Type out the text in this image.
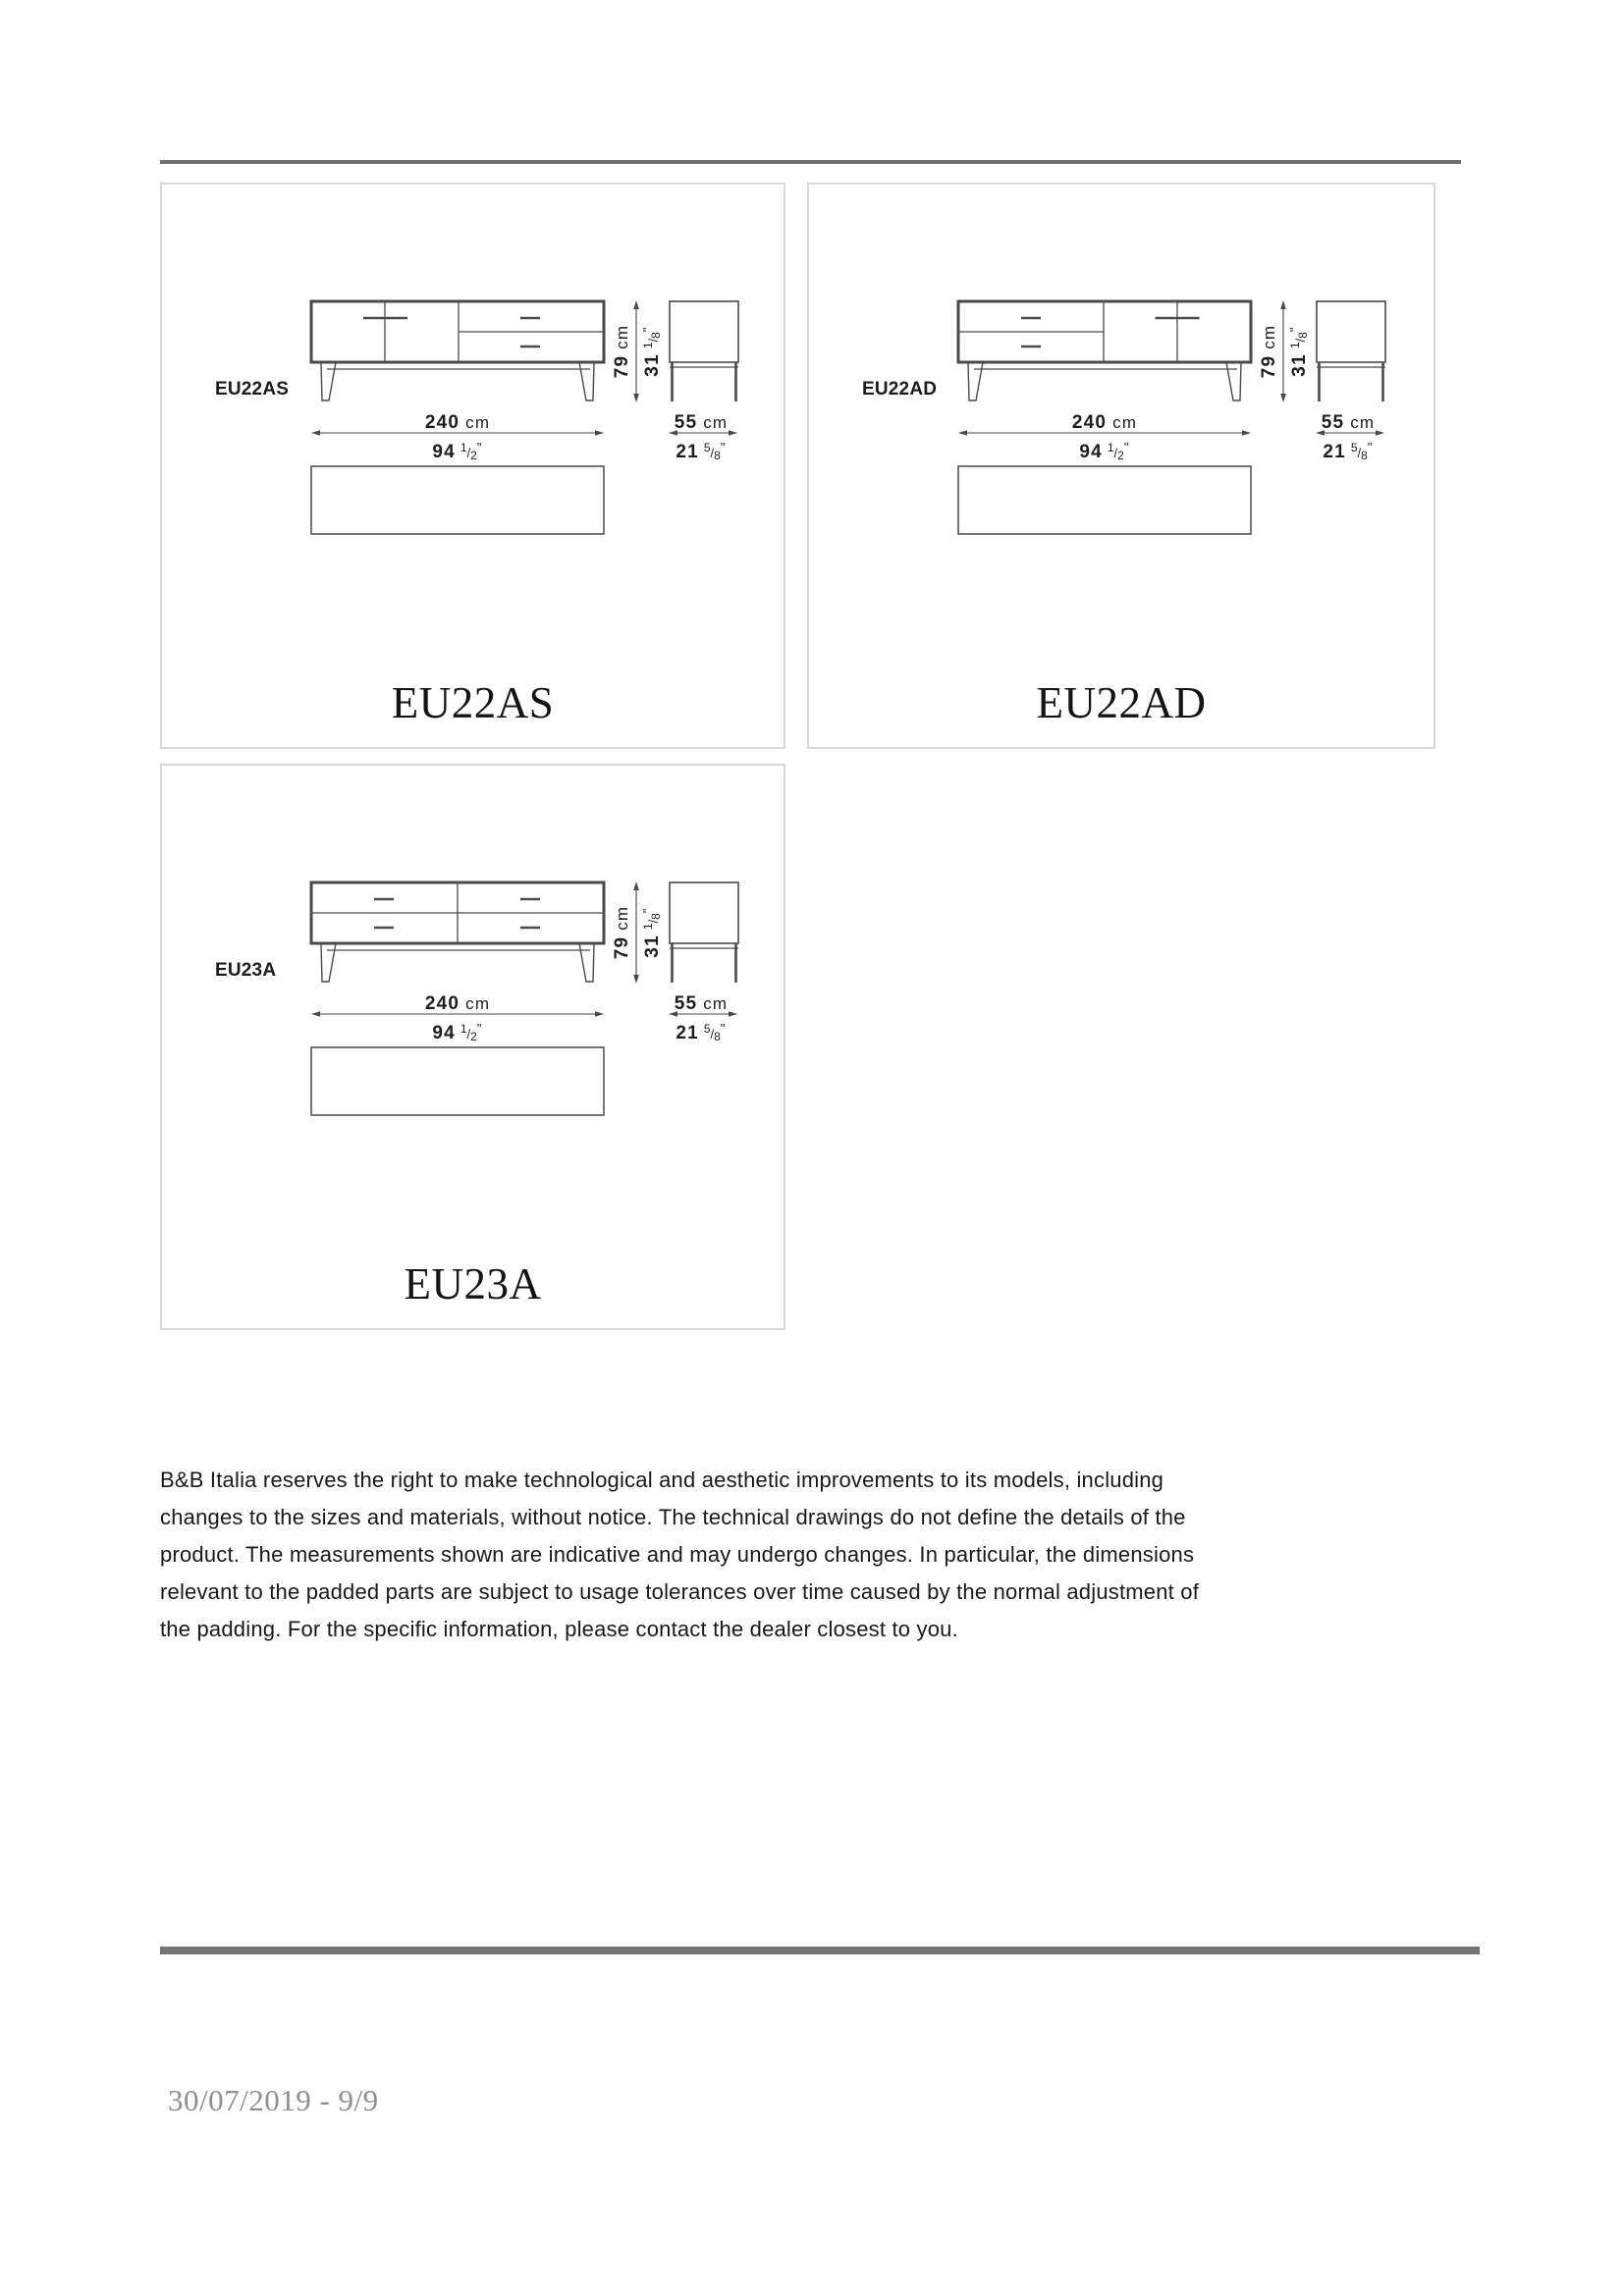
EU22AS
79cm
$31^1/_8^"$
240 cm
94 $^1/_2^"$
55 cm
21 $^5/_8^"$
EU22AS
EU22AD
79cm
$31^1/_8^"$
240 cm
94 $^1/_2^"$
55 cm
21 $^5/_8^"$
EU22AD
EU23A
79cm
$31^1/_8^"$
240 cm
94 $^1/_2^"$
55 cm
21 $^5/_8^"$
EU23A
B&B Italia reserves the right to make technological and aesthetic improvements to its models, including
changes to the sizes and materials, without notice. The technical drawings do not define the details of the
product. The measurements shown are indicative and may undergo changes. In particular, the dimensions
relevant to the padded parts are subject to usage tolerances over time caused by the normal adjustment of
the padding. For the specific information, please contact the dealer closest to you.
30/07/2019 - 9/9
